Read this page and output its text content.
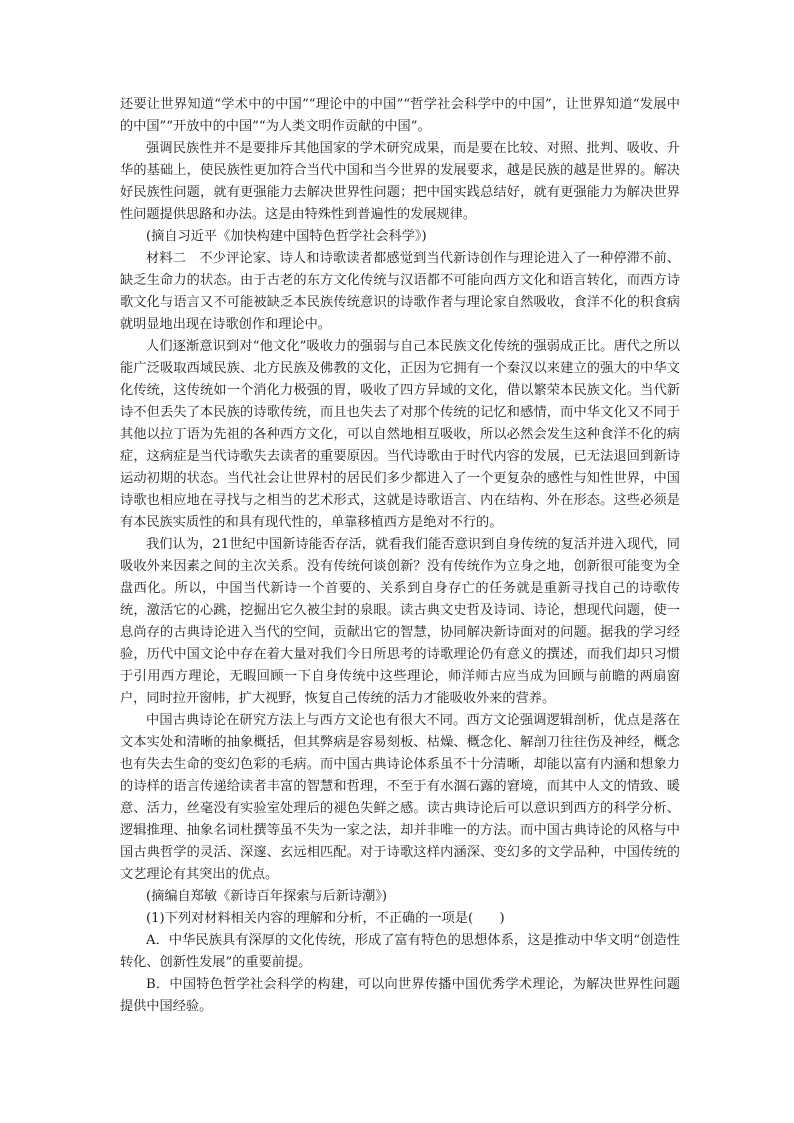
还要让世界知道“学术中的中国”“理论中的中国”“哲学社会科学中的中国”，让世界知道“发展中的中国”“开放中的中国”“为人类文明作贡献的中国”。

强调民族性并不是要排斥其他国家的学术研究成果，而是要在比较、对照、批判、吸收、升华的基础上，使民族性更加符合当代中国和当今世界的发展要求，越是民族的越是世界的。解决好民族性问题，就有更强能力去解决世界性问题；把中国实践总结好，就有更强能力为解决世界性问题提供思路和办法。这是由特殊性到普遍性的发展规律。

(摘自习近平《加快构建中国特色哲学社会科学》)

材料二　不少评论家、诗人和诗歌读者都感觉到当代新诗创作与理论进入了一种停滞不前、缺乏生命力的状态。由于古老的东方文化传统与汉语都不可能向西方文化和语言转化，而西方诗歌文化与语言又不可能被缺乏本民族传统意识的诗歌作者与理论家自然吸收，食洋不化的积食病就明显地出现在诗歌创作和理论中。

人们逐渐意识到对“他文化”吸收力的强弱与自己本民族文化传统的强弱成正比。唐代之所以能广泛吸取西域民族、北方民族及佛教的文化，正因为它拥有一个秦汉以来建立的强大的中华文化传统，这传统如一个消化力极强的胃，吸收了四方异域的文化，借以繁荣本民族文化。当代新诗不但丢失了本民族的诗歌传统，而且也失去了对那个传统的记忆和感情，而中华文化又不同于其他以拉丁语为先祖的各种西方文化，可以自然地相互吸收，所以必然会发生这种食洋不化的病症，这病症是当代诗歌失去读者的重要原因。当代诗歌由于时代内容的发展，已无法退回到新诗运动初期的状态。当代社会让世界村的居民们多少都进入了一个更复杂的感性与知性世界，中国诗歌也相应地在寻找与之相当的艺术形式，这就是诗歌语言、内在结构、外在形态。这些必须是有本民族实质性的和具有现代性的，单靠移植西方是绝对不行的。

我们认为，21世纪中国新诗能否存活，就看我们能否意识到自身传统的复活并进入现代，同吸收外来因素之间的主次关系。没有传统何谈创新？没有传统作为立身之地，创新很可能变为全盘西化。所以，中国当代新诗一个首要的、关系到自身存亡的任务就是重新寻找自己的诗歌传统，激活它的心跳，挖掘出它久被尘封的泉眼。读古典文史哲及诗词、诗论，想现代问题，使一息尚存的古典诗论进入当代的空间，贡献出它的智慧，协同解决新诗面对的问题。据我的学习经验，历代中国文论中存在着大量对我们今日所思考的诗歌理论仍有意义的撰述，而我们却只习惯于引用西方理论，无暇回顾一下自身传统中这些理论，师洋师古应当成为回顾与前瞻的两扇窗户，同时拉开窗帏，扩大视野，恢复自己传统的活力才能吸收外来的营养。

中国古典诗论在研究方法上与西方文论也有很大不同。西方文论强调逻辑剖析，优点是落在文本实处和清晰的抽象概括，但其弊病是容易刻板、枯燥、概念化、解剖刀往往伤及神经，概念也有失去生命的变幻色彩的毛病。而中国古典诗论体系虽不十分清晰，却能以富有内涵和想象力的诗样的语言传递给读者丰富的智慧和哲理，不至于有水涸石露的窘境，而其中人文的情致、暖意、活力，丝毫没有实验室处理后的褪色失鲜之感。读古典诗论后可以意识到西方的科学分析、逻辑推理、抽象名词杜撰等虽不失为一家之法，却并非唯一的方法。而中国古典诗论的风格与中国古典哲学的灵活、深邃、玄远相匹配。对于诗歌这样内涵深、变幻多的文学品种，中国传统的文艺理论有其突出的优点。

(摘编自郑敏《新诗百年探索与后新诗潮》)

(1)下列对材料相关内容的理解和分析，不正确的一项是(　　)

A．中华民族具有深厚的文化传统，形成了富有特色的思想体系，这是推动中华文明“创造性转化、创新性发展”的重要前提。

B．中国特色哲学社会科学的构建，可以向世界传播中国优秀学术理论，为解决世界性问题提供中国经验。
